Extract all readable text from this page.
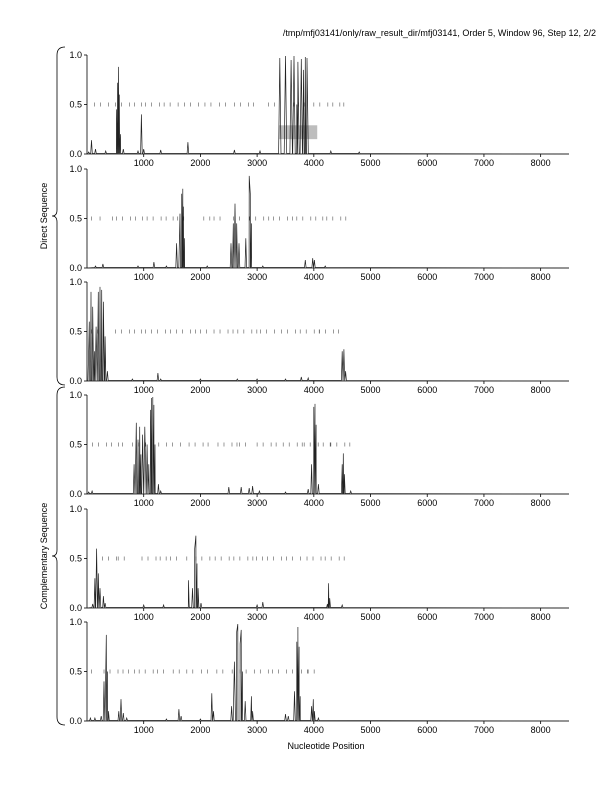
/tmp/mfj03141/only/raw_result_dir/mfj03141, Order 5, Window 96, Step 12, 2/2
0.0
0.5
1.0
1000	2000	3000	4000	5000	6000	7000	8000
0.0
0.5
1.0
1000	2000	3000	4000	5000	6000	7000	8000
0.0
0.5
1.0
1000	2000	3000	4000	5000	6000	7000	8000
0.0
0.5
1.0
1000	2000	3000	4000	5000	6000	7000	8000
0.0
0.5
1.0
1000	2000	3000	4000	5000	6000	7000	8000
0.0
0.5
1.0
1000	2000	3000	4000	5000	6000	7000	8000
Direct Sequence
Complementary Sequence
Nucleotide Position
